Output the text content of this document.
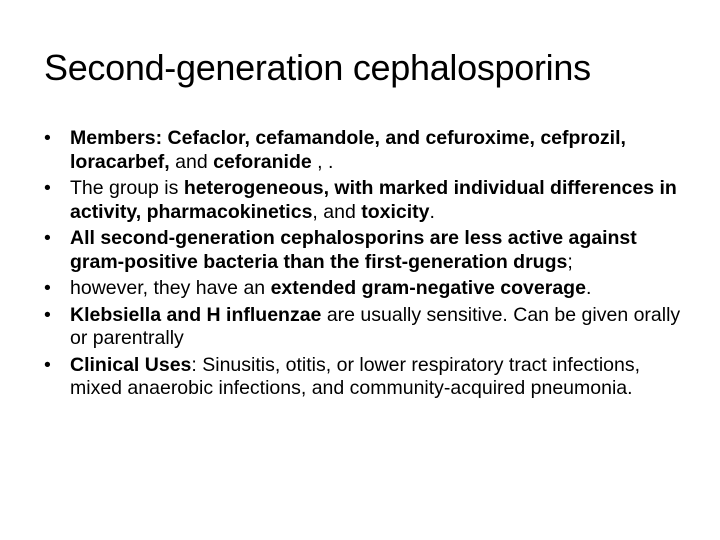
Second-generation cephalosporins
• Members: Cefaclor, cefamandole, and cefuroxime, cefprozil, loracarbef, and ceforanide , .
• The group is heterogeneous, with marked individual differences in activity, pharmacokinetics, and toxicity.
• All second-generation cephalosporins are less active against gram-positive bacteria than the first-generation drugs;
• however, they have an extended gram-negative coverage.
• Klebsiella and H influenzae are usually sensitive. Can be given orally or parentrally
• Clinical Uses: Sinusitis, otitis, or lower respiratory tract infections, mixed anaerobic infections, and community-acquired pneumonia.
